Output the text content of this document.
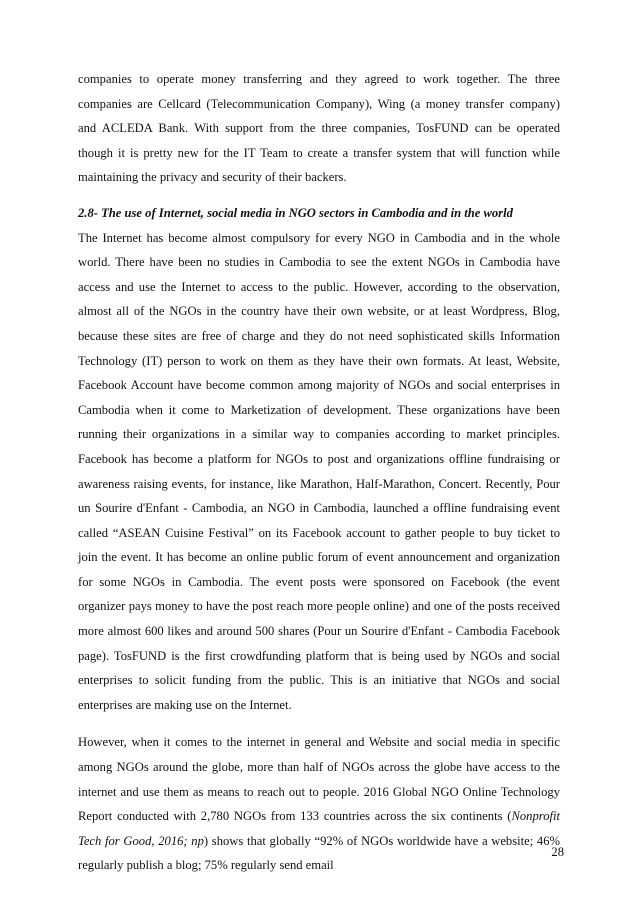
companies to operate money transferring and they agreed to work together. The three companies are Cellcard (Telecommunication Company), Wing (a money transfer company) and ACLEDA Bank. With support from the three companies, TosFUND can be operated though it is pretty new for the IT Team to create a transfer system that will function while maintaining the privacy and security of their backers.

2.8- The use of Internet, social media in NGO sectors in Cambodia and in the world

The Internet has become almost compulsory for every NGO in Cambodia and in the whole world. There have been no studies in Cambodia to see the extent NGOs in Cambodia have access and use the Internet to access to the public. However, according to the observation, almost all of the NGOs in the country have their own website, or at least Wordpress, Blog, because these sites are free of charge and they do not need sophisticated skills Information Technology (IT) person to work on them as they have their own formats. At least, Website, Facebook Account have become common among majority of NGOs and social enterprises in Cambodia when it come to Marketization of development. These organizations have been running their organizations in a similar way to companies according to market principles. Facebook has become a platform for NGOs to post and organizations offline fundraising or awareness raising events, for instance, like Marathon, Half-Marathon, Concert. Recently, Pour un Sourire d'Enfant - Cambodia, an NGO in Cambodia, launched a offline fundraising event called “ASEAN Cuisine Festival” on its Facebook account to gather people to buy ticket to join the event. It has become an online public forum of event announcement and organization for some NGOs in Cambodia. The event posts were sponsored on Facebook (the event organizer pays money to have the post reach more people online) and one of the posts received more almost 600 likes and around 500 shares (Pour un Sourire d'Enfant - Cambodia Facebook page). TosFUND is the first crowdfunding platform that is being used by NGOs and social enterprises to solicit funding from the public. This is an initiative that NGOs and social enterprises are making use on the Internet.

However, when it comes to the internet in general and Website and social media in specific among NGOs around the globe, more than half of NGOs across the globe have access to the internet and use them as means to reach out to people. 2016 Global NGO Online Technology Report conducted with 2,780 NGOs from 133 countries across the six continents (Nonprofit Tech for Good, 2016; np) shows that globally “92% of NGOs worldwide have a website; 46% regularly publish a blog; 75% regularly send email

28
